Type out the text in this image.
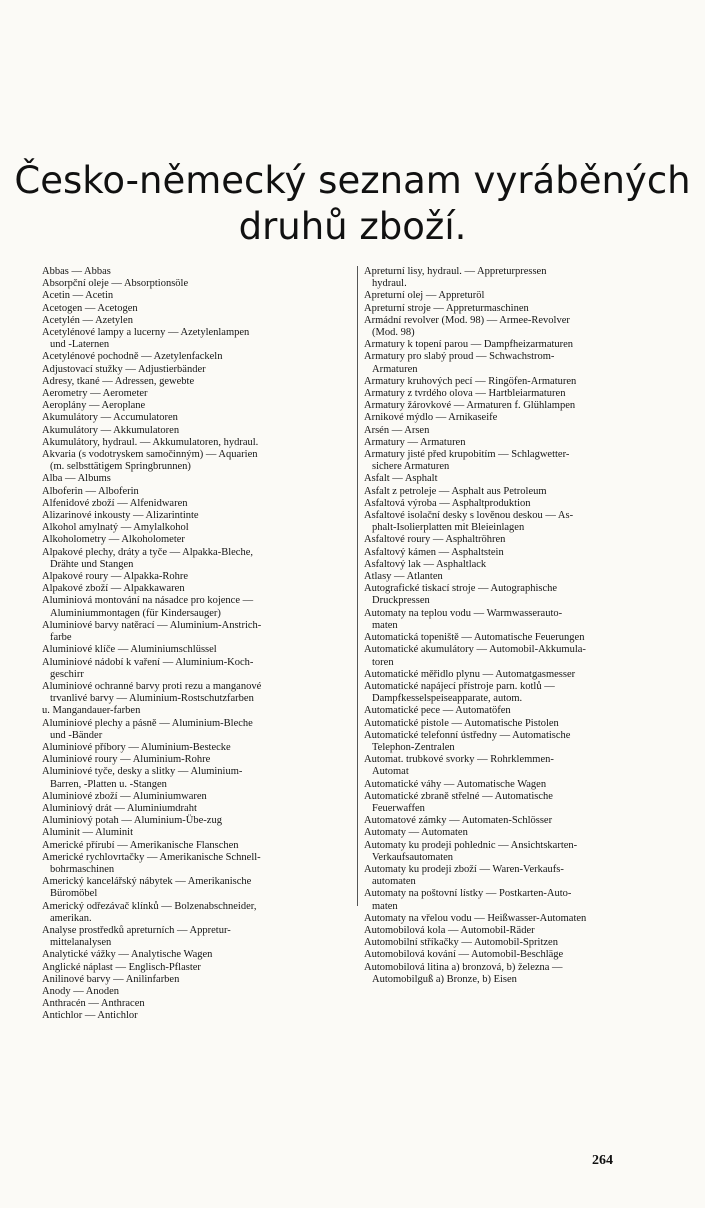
Česko-německý seznam vyráběných
druhů zboží.
Abbas — Abbas
Absorpční oleje — Absorptionsöle
Acetin — Acetin
Acetogen — Acetogen
Acetylén — Azetylen
Acetylénové lampy a lucerny — Azetylenlampen
und -Laternen
Acetylénové pochodně — Azetylenfackeln
Adjustovací stužky — Adjustierbänder
Adresy, tkané — Adressen, gewebte
Aerometry — Aerometer
Aeroplány — Aeroplane
Akumulátory — Accumulatoren
Akumulátory — Akkumulatoren
Akumulátory, hydraul. — Akkumulatoren, hydraul.
Akvaria (s vodotryskem samočinným) — Aquarien
(m. selbsttätigem Springbrunnen)
Alba — Albums
Alboferin — Alboferin
Alfenidové zboží — Alfenidwaren
Alizarinové inkousty — Alizarintinte
Alkohol amylnatý — Amylalkohol
Alkoholometry — Alkoholometer
Alpakové plechy, dráty a tyče — Alpakka-Bleche,
Drähte und Stangen
Alpakové roury — Alpakka-Rohre
Alpakové zboží — Alpakkawaren
Aluminiová montování na násadce pro kojence —
Aluminiummontagen (für Kindersauger)
Aluminiové barvy natěrací — Aluminium-Anstrich-
farbe
Aluminiové klíče — Aluminiumschlüssel
Aluminiové nádobí k vaření — Aluminium-Koch-
geschirr
Aluminiové ochranné barvy proti rezu a manganové
trvanlivé barvy — Aluminium-Rostschutzfarben
u. Mangandauer-farben
Aluminiové plechy a pásně — Aluminium-Bleche
und -Bänder
Aluminiové příbory — Aluminium-Bestecke
Aluminiové roury — Aluminium-Rohre
Aluminiové tyče, desky a slitky — Aluminium-
Barren, -Platten u. -Stangen
Aluminiové zboží — Aluminiumwaren
Aluminiový drát — Aluminiumdraht
Aluminiový potah — Aluminium-Übe-zug
Aluminit — Aluminit
Americké přírubí — Amerikanische Flanschen
Americké rychlovrtačky — Amerikanische Schnell-
bohrmaschinen
Americký kancelářský nábytek — Amerikanische
Büromöbel
Americký odřezávač klínků — Bolzenabschneider,
amerikan.
Analyse prostředků apreturních — Appretur-
mittelanalysen
Analytické vážky — Analytische Wagen
Anglické náplast — Englisch-Pflaster
Anilinové barvy — Anilinfarben
Anody — Anoden
Anthracén — Anthracen
Antichlor — Antichlor
Apreturní lisy, hydraul. — Appreturpressen
hydraul.
Apreturní olej — Appreturöl
Apreturní stroje — Appreturmaschinen
Armádní revolver (Mod. 98) — Armee-Revolver
(Mod. 98)
Armatury k topení parou — Dampfheizarmaturen
Armatury pro slabý proud — Schwachstrom-
Armaturen
Armatury kruhových pecí — Ringöfen-Armaturen
Armatury z tvrdého olova — Hartbleiarmaturen
Armatury žárovkové — Armaturen f. Glühlampen
Arnikové mýdlo — Arnikaseife
Arsén — Arsen
Armatury — Armaturen
Armatury jisté před krupobitím — Schlagwetter-
sichere Armaturen
Asfalt — Asphalt
Asfalt z petroleje — Asphalt aus Petroleum
Asfaltová výroba — Asphaltproduktion
Asfaltové isolační desky s lověnou deskou — As-
phalt-Isolierplatten mit Bleieinlagen
Asfaltové roury — Asphaltröhren
Asfaltový kámen — Asphaltstein
Asfaltový lak — Asphaltlack
Atlasy — Atlanten
Autografické tiskací stroje — Autographische
Druckpressen
Automaty na teplou vodu — Warmwasserauto-
maten
Automatická topeniště — Automatische Feuerungen
Automatické akumulátory — Automobil-Akkumula-
toren
Automatické měřidlo plynu — Automatgasmesser
Automatické napájecí přístroje parn. kotlů —
Dampfkesselspeiseapparate, autom.
Automatické pece — Automatöfen
Automatické pistole — Automatische Pistolen
Automatické telefonní ústředny — Automatische
Telephon-Zentralen
Automat. trubkové svorky — Rohrklemmen-
Automat
Automatické váhy — Automatische Wagen
Automatické zbraně střelné — Automatische
Feuerwaffen
Automatové zámky — Automaten-Schlösser
Automaty — Automaten
Automaty ku prodeji pohlednic — Ansichtskarten-
Verkaufsautomaten
Automaty ku prodeji zboží — Waren-Verkaufs-
automaten
Automaty na poštovní lístky — Postkarten-Auto-
maten
Automaty na vřelou vodu — Heißwasser-Automaten
Automobilová kola — Automobil-Räder
Automobilní stříkačky — Automobil-Spritzen
Automobilová kování — Automobil-Beschläge
Automobilová litina a) bronzová, b) železna —
Automobilguß a) Bronze, b) Eisen
264
